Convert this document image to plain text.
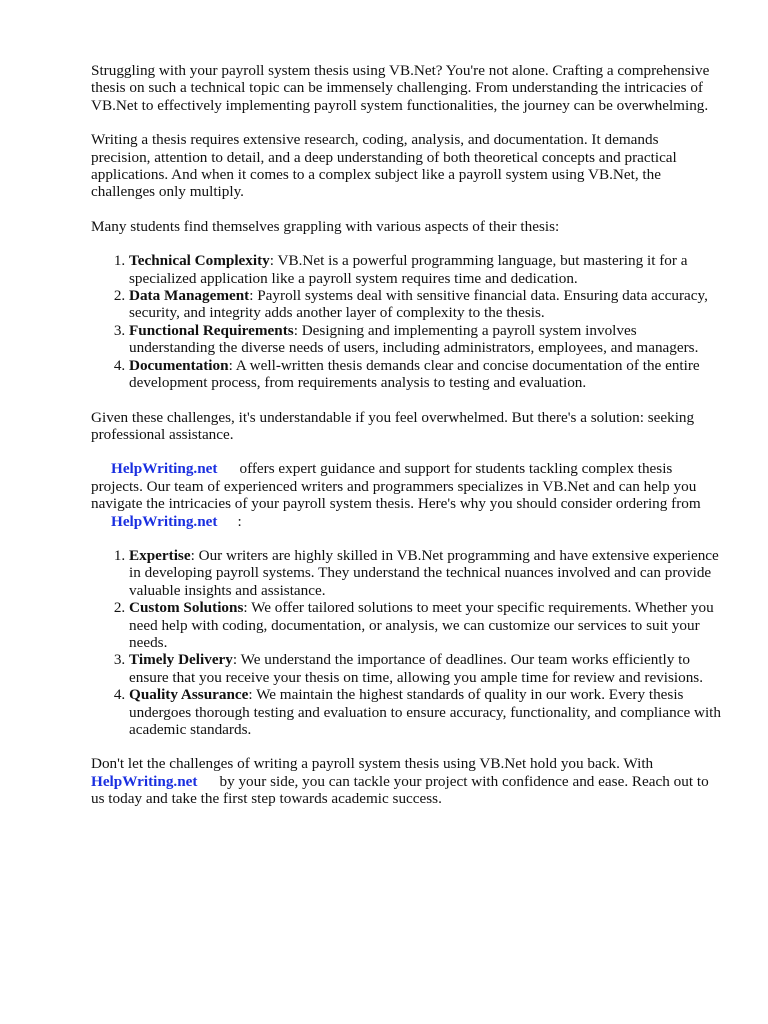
Struggling with your payroll system thesis using VB.Net? You're not alone. Crafting a comprehensive thesis on such a technical topic can be immensely challenging. From understanding the intricacies of VB.Net to effectively implementing payroll system functionalities, the journey can be overwhelming.

Writing a thesis requires extensive research, coding, analysis, and documentation. It demands precision, attention to detail, and a deep understanding of both theoretical concepts and practical applications. And when it comes to a complex subject like a payroll system using VB.Net, the challenges only multiply.

Many students find themselves grappling with various aspects of their thesis:

1. Technical Complexity: VB.Net is a powerful programming language, but mastering it for a specialized application like a payroll system requires time and dedication.
2. Data Management: Payroll systems deal with sensitive financial data. Ensuring data accuracy, security, and integrity adds another layer of complexity to the thesis.
3. Functional Requirements: Designing and implementing a payroll system involves understanding the diverse needs of users, including administrators, employees, and managers.
4. Documentation: A well-written thesis demands clear and concise documentation of the entire development process, from requirements analysis to testing and evaluation.

Given these challenges, it's understandable if you feel overwhelmed. But there's a solution: seeking professional assistance.

HelpWriting.net offers expert guidance and support for students tackling complex thesis projects. Our team of experienced writers and programmers specializes in VB.Net and can help you navigate the intricacies of your payroll system thesis. Here's why you should consider ordering from
HelpWriting.net :

1. Expertise: Our writers are highly skilled in VB.Net programming and have extensive experience in developing payroll systems. They understand the technical nuances involved and can provide valuable insights and assistance.
2. Custom Solutions: We offer tailored solutions to meet your specific requirements. Whether you need help with coding, documentation, or analysis, we can customize our services to suit your needs.
3. Timely Delivery: We understand the importance of deadlines. Our team works efficiently to ensure that you receive your thesis on time, allowing you ample time for review and revisions.
4. Quality Assurance: We maintain the highest standards of quality in our work. Every thesis undergoes thorough testing and evaluation to ensure accuracy, functionality, and compliance with academic standards.

Don't let the challenges of writing a payroll system thesis using VB.Net hold you back. With
HelpWriting.net by your side, you can tackle your project with confidence and ease. Reach out to us today and take the first step towards academic success.
